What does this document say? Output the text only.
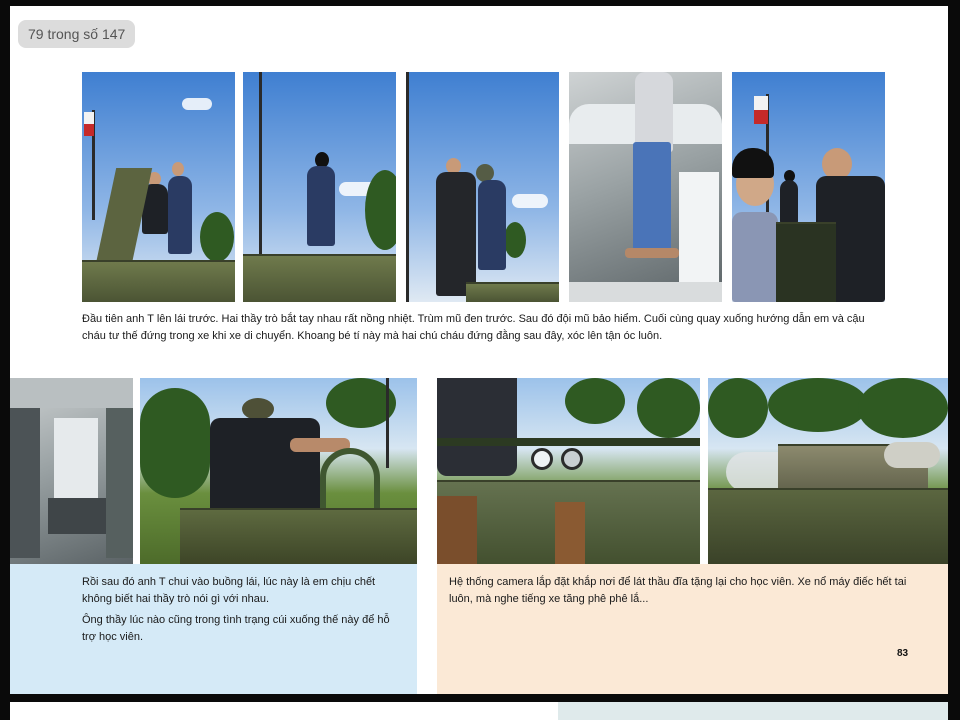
Đầu tiên anh T lên lái trước. Hai thầy trò bắt tay nhau rất nồng nhiệt. Trùm mũ đen trước. Sau đó đội mũ bảo hiểm. Cuối cùng quay xuống hướng dẫn em và cậu cháu tư thế đứng trong xe khi xe di chuyển. Khoang bé tí này mà hai chú cháu đứng đằng sau đây, xóc lên tận óc luôn.
Rồi sau đó anh T chui vào buồng lái, lúc này là em chịu chết không biết hai thầy trò nói gì với nhau.
Ông thầy lúc nào cũng trong tình trạng cúi xuống thế này để hỗ trợ học viên.
Hệ thống camera lắp đặt khắp nơi để lát thầu đĩa tặng lại cho học viên. Xe nổ máy điếc hết tai luôn, mà nghe tiếng xe tăng phê phê lắ...
83
79 trong số 147
